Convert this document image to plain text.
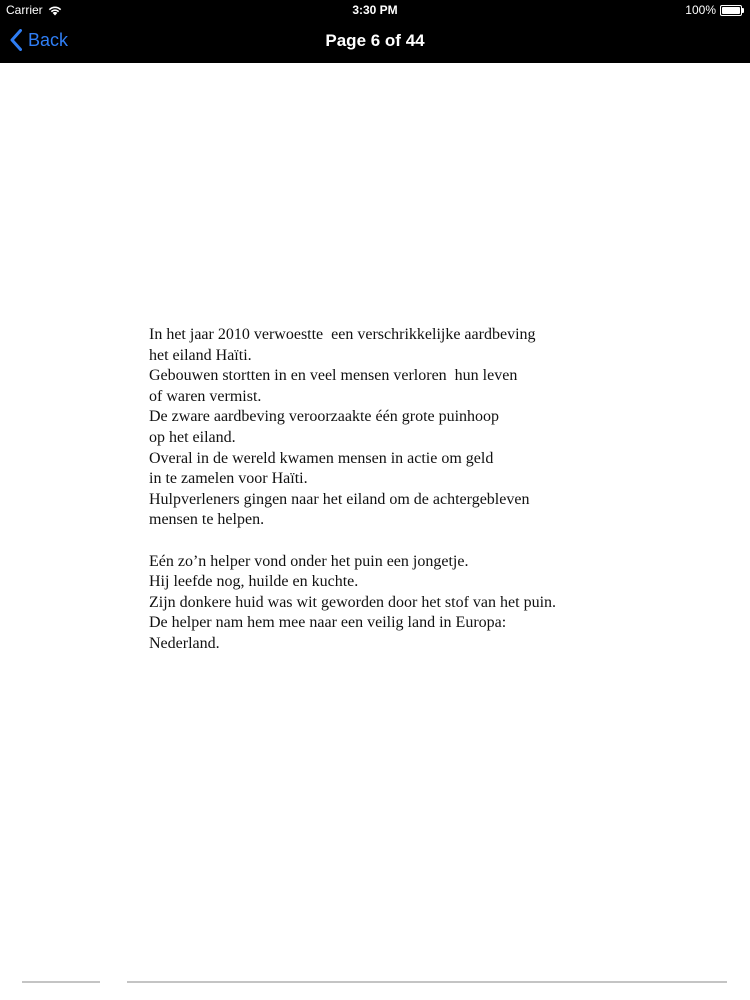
Carrier	3:30 PM	100%
Back	Page 6 of 44
In het jaar 2010 verwoestte  een verschrikkelijke aardbeving
het eiland Haïti.
Gebouwen stortten in en veel mensen verloren  hun leven
of waren vermist.
De zware aardbeving veroorzaakte één grote puinhoop
op het eiland.
Overal in de wereld kwamen mensen in actie om geld
in te zamelen voor Haïti.
Hulpverleners gingen naar het eiland om de achtergebleven
mensen te helpen.
Eén zo’n helper vond onder het puin een jongetje.
Hij leefde nog, huilde en kuchte.
Zijn donkere huid was wit geworden door het stof van het puin.
De helper nam hem mee naar een veilig land in Europa:
Nederland.
